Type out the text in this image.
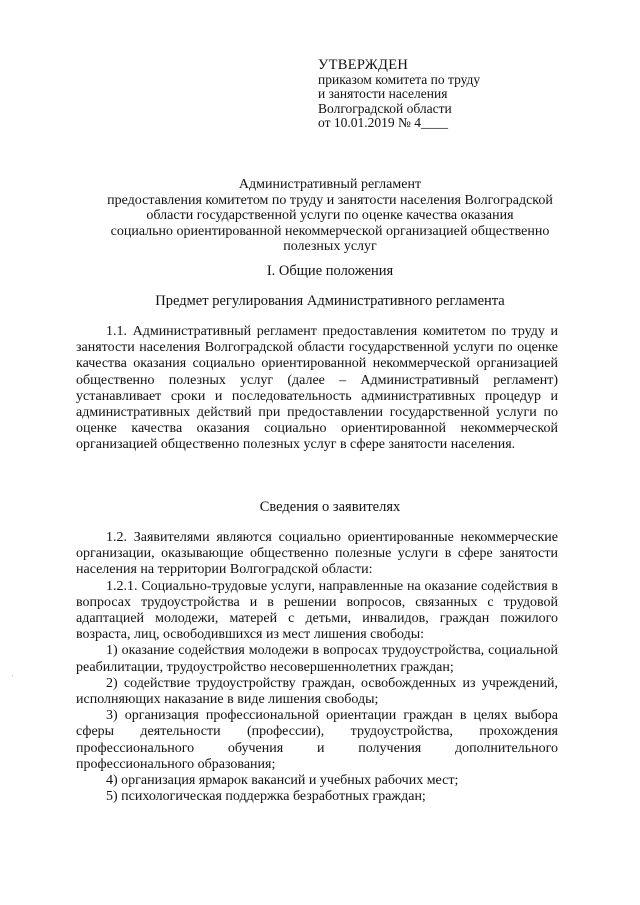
УТВЕРЖДЕН
приказом комитета по труду
и занятости населения
Волгоградской области
от 10.01.2019 № 4____
Административный регламент
предоставления комитетом по труду и занятости населения Волгоградской
области государственной услуги по оценке качества оказания
социально ориентированной некоммерческой организацией общественно
полезных услуг
I. Общие положения
Предмет регулирования Административного регламента

1.1. Административный регламент предоставления комитетом по труду и занятости населения Волгоградской области государственной услуги по оценке качества оказания социально ориентированной некоммерческой организацией общественно полезных услуг (далее – Административный регламент) устанавливает сроки и последовательность административных процедур и административных действий при предоставлении государственной услуги по оценке качества оказания социально ориентированной некоммерческой организацией общественно полезных услуг в сфере занятости населения.

Сведения о заявителях

1.2. Заявителями являются социально ориентированные некоммерческие организации, оказывающие общественно полезные услуги в сфере занятости населения на территории Волгоградской области:

1.2.1. Социально-трудовые услуги, направленные на оказание содействия в вопросах трудоустройства и в решении вопросов, связанных с трудовой адаптацией молодежи, матерей с детьми, инвалидов, граждан пожилого возраста, лиц, освободившихся из мест лишения свободы:

1) оказание содействия молодежи в вопросах трудоустройства, социальной реабилитации, трудоустройство несовершеннолетних граждан;

2) содействие трудоустройству граждан, освобожденных из учреждений, исполняющих наказание в виде лишения свободы;

3) организация профессиональной ориентации граждан в целях выбора сферы деятельности (профессии), трудоустройства, прохождения профессионального обучения и получения дополнительного профессионального образования;

4) организация ярмарок вакансий и учебных рабочих мест;

5) психологическая поддержка безработных граждан;
